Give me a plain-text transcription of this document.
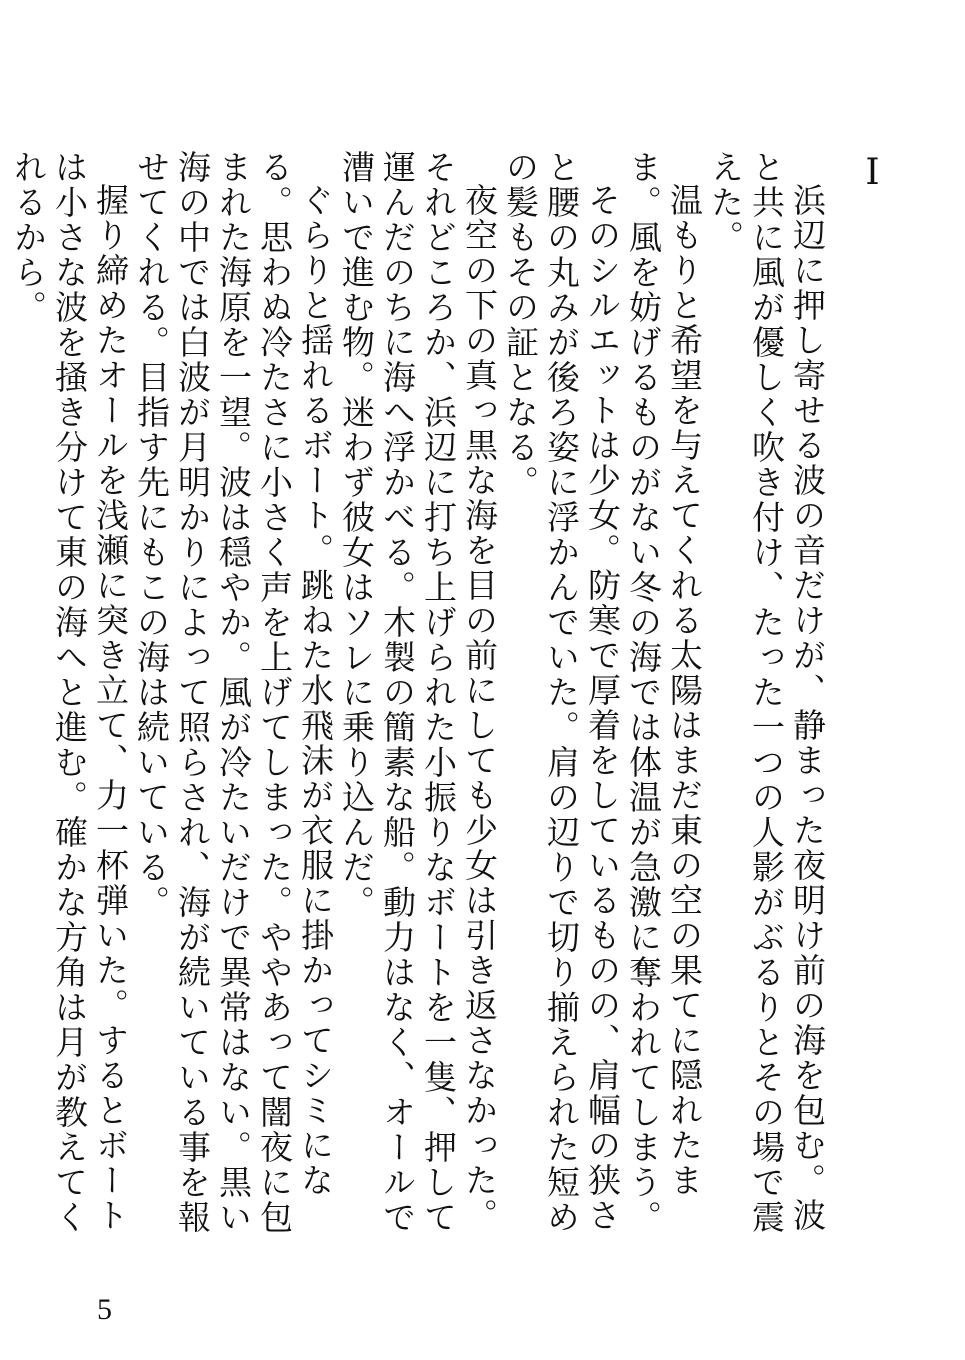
I

浜辺に押し寄せる波の音だけが、静まった夜明け前の海を包む。波と共に風が優しく吹き付け、たった一つの人影がぶるりとその場で震えた。

温もりと希望を与えてくれる太陽はまだ東の空の果てに隠れたまま。風を妨げるものがない冬の海では体温が急激に奪われてしまう。

そのシルエットは少女。防寒で厚着をしているものの、肩幅の狭さと腰の丸みが後ろ姿に浮かんでいた。肩の辺りで切り揃えられた短めの髪もその証となる。

夜空の下の真っ黒な海を目の前にしても少女は引き返さなかった。それどころか、浜辺に打ち上げられた小振りなボートを一隻、押して運んだのちに海へ浮かべる。木製の簡素な船。動力はなく、オールで漕いで進む物。迷わず彼女はソレに乗り込んだ。

ぐらりと揺れるボート。跳ねた水飛沫が衣服に掛かってシミになる。思わぬ冷たさに小さく声を上げてしまった。ややあって闇夜に包まれた海原を一望。波は穏やか。風が冷たいだけで異常はない。黒い海の中では白波が月明かりによって照らされ、海が続いている事を報せてくれる。目指す先にもこの海は続いている。

握り締めたオールを浅瀬に突き立て、力一杯弾いた。するとボートは小さな波を掻き分けて東の海へと進む。確かな方角は月が教えてくれるから。

5
